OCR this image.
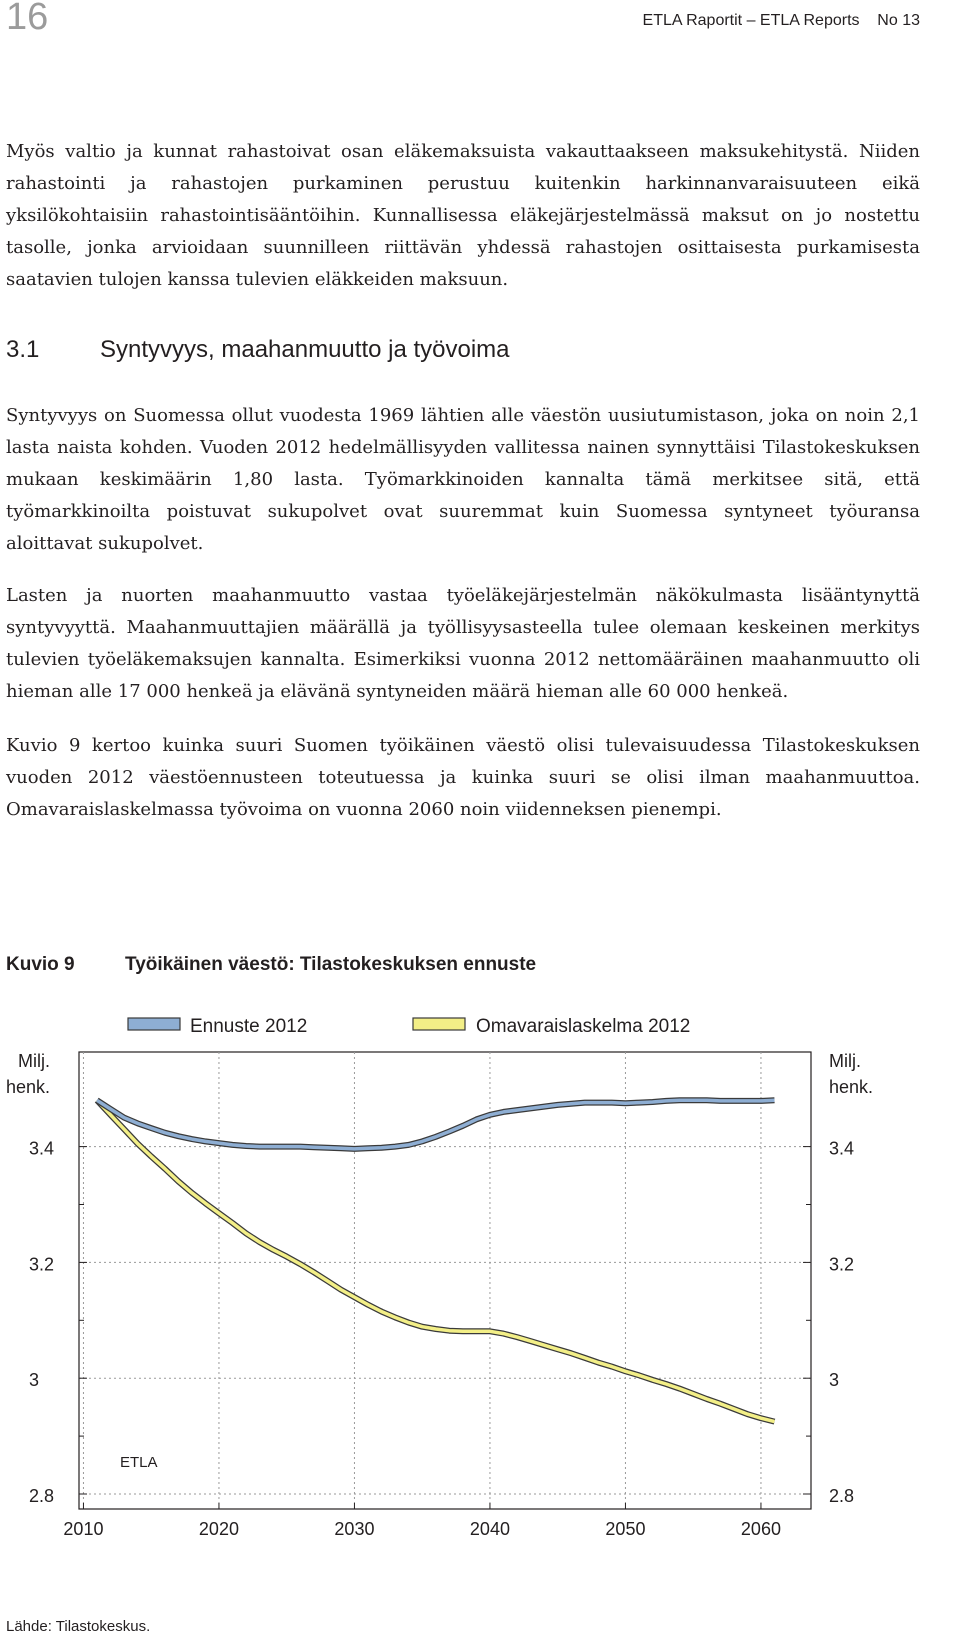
16	ETLA Raportit – ETLA Reports No 13

Myös valtio ja kunnat rahastoivat osan eläkemaksuista vakauttaakseen maksukehitystä. Niiden rahastointi ja rahastojen purkaminen perustuu kuitenkin harkinnanvaraisuuteen eikä yksilökohtaisiin rahastointisääntöihin. Kunnallisessa eläkejärjestelmässä maksut on jo nostettu tasolle, jonka arvioidaan suunnilleen riittävän yhdessä rahastojen osittaisesta purkamisesta saatavien tulojen kanssa tulevien eläkkeiden maksuun.

3.1	Syntyvyys, maahanmuutto ja työvoima

Syntyvyys on Suomessa ollut vuodesta 1969 lähtien alle väestön uusiutumistason, joka on noin 2,1 lasta naista kohden. Vuoden 2012 hedelmällisyyden vallitessa nainen synnyttäisi Tilastokeskuksen mukaan keskimäärin 1,80 lasta. Työmarkkinoiden kannalta tämä merkitsee sitä, että työmarkkinoilta poistuvat sukupolvet ovat suuremmat kuin Suomessa syntyneet työuransa aloittavat sukupolvet.

Lasten ja nuorten maahanmuutto vastaa työeläkejärjestelmän näkökulmasta lisääntynyttä syntyvyyttä. Maahanmuuttajien määrällä ja työllisyysasteella tulee olemaan keskeinen merkitys tulevien työeläkemaksujen kannalta. Esimerkiksi vuonna 2012 nettomääräinen maahanmuutto oli hieman alle 17 000 henkeä ja elävänä syntyneiden määrä hieman alle 60 000 henkeä.

Kuvio 9 kertoo kuinka suuri Suomen työikäinen väestö olisi tulevaisuudessa Tilastokeskuksen vuoden 2012 väestöennusteen toteutuessa ja kuinka suuri se olisi ilman maahanmuuttoa. Omavaraislaskelmassa työvoima on vuonna 2060 noin viidenneksen pienempi.

Kuvio 9	Työikäinen väestö: Tilastokeskuksen ennuste
2010	2020	2030	2040	2050	2060
2.8	2.8
3	3
3.2	3.2
3.4	3.4
Milj. henk.
Milj. henk.
ETLA
Ennuste 2012	Omavaraislaskelma 2012
Lähde: Tilastokeskus.
